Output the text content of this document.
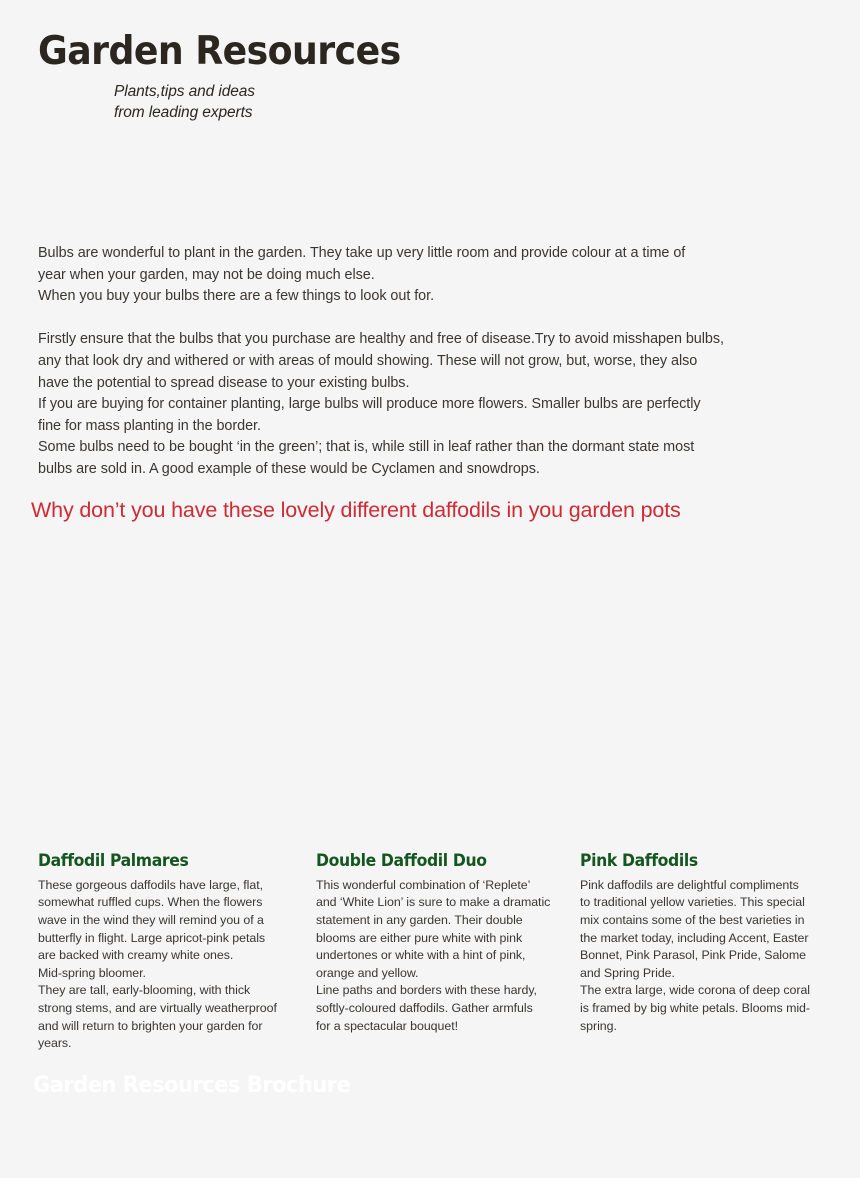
Garden Resources
Plants,tips and ideas
from leading experts

Bulbs are wonderful to plant in the garden. They take up very little room and provide colour at a time of
year when your garden, may not be doing much else.
When you buy your bulbs there are a few things to look out for.

Firstly ensure that the bulbs that you purchase are healthy and free of disease.Try to avoid misshapen bulbs,
any that look dry and withered or with areas of mould showing. These will not grow, but, worse, they also
have the potential to spread disease to your existing bulbs.
If you are buying for container planting, large bulbs will produce more flowers. Smaller bulbs are perfectly
fine for mass planting in the border.
Some bulbs need to be bought ‘in the green’; that is, while still in leaf rather than the dormant state most
bulbs are sold in. A good example of these would be Cyclamen and snowdrops.

Why don’t you have these lovely different daffodils in you garden pots
Daffodil Palmares
These gorgeous daffodils have large, flat,
somewhat ruffled cups. When the flowers
wave in the wind they will remind you of a
butterfly in flight. Large apricot-pink petals
are backed with creamy white ones.
Mid-spring bloomer.
They are tall, early-blooming, with thick
strong stems, and are virtually weatherproof
and will return to brighten your garden for
years.
Double Daffodil Duo
This wonderful combination of ‘Replete’
and ‘White Lion’ is sure to make a dramatic
statement in any garden. Their double
blooms are either pure white with pink
undertones or white with a hint of pink,
orange and yellow.
Line paths and borders with these hardy,
softly-coloured daffodils. Gather armfuls
for a spectacular bouquet!
Pink Daffodils
Pink daffodils are delightful compliments
to traditional yellow varieties. This special
mix contains some of the best varieties in
the market today, including Accent, Easter
Bonnet, Pink Parasol, Pink Pride, Salome
and Spring Pride.
The extra large, wide corona of deep coral
is framed by big white petals. Blooms mid-
spring.
Garden Resources Brochure
